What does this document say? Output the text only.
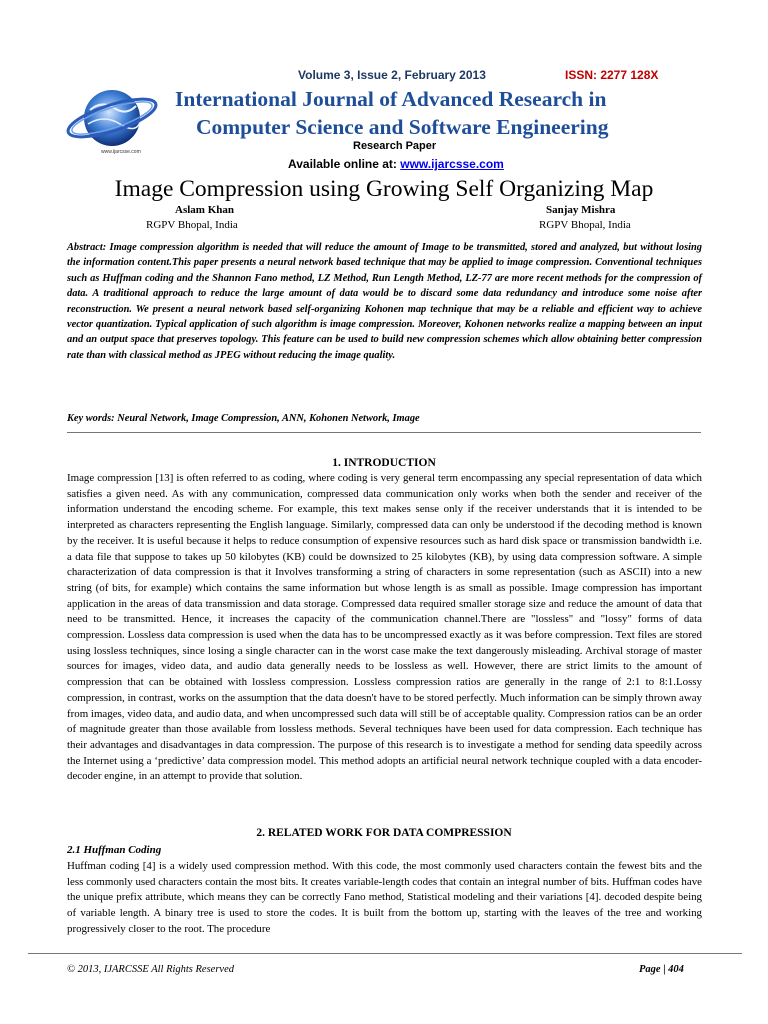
Volume 3, Issue 2, February 2013	ISSN: 2277 128X
www.ijarcsse.com
International Journal of Advanced Research in
Computer Science and Software Engineering
Research Paper
Available online at: www.ijarcsse.com
Image Compression using Growing Self Organizing Map
Aslam Khan
RGPV Bhopal, India
Sanjay Mishra
RGPV Bhopal, India
Abstract: Image compression algorithm is needed that will reduce the amount of Image to be transmitted, stored and analyzed, but without losing the information content.This paper presents a neural network based technique that may be applied to image compression. Conventional techniques such as Huffman coding and the Shannon Fano method, LZ Method, Run Length Method, LZ-77 are more recent methods for the compression of data. A traditional approach to reduce the large amount of data would be to discard some data redundancy and introduce some noise after reconstruction. We present a neural network based self-organizing Kohonen map technique that may be a reliable and efficient way to achieve vector quantization. Typical application of such algorithm is image compression. Moreover, Kohonen networks realize a mapping between an input and an output space that preserves topology. This feature can be used to build new compression schemes which allow obtaining better compression rate than with classical method as JPEG without reducing the image quality.
Key words: Neural Network, Image Compression, ANN, Kohonen Network, Image
1. INTRODUCTION
Image compression [13] is often referred to as coding, where coding is very general term encompassing any special representation of data which satisfies a given need. As with any communication, compressed data communication only works when both the sender and receiver of the information understand the encoding scheme. For example, this text makes sense only if the receiver understands that it is intended to be interpreted as characters representing the English language. Similarly, compressed data can only be understood if the decoding method is known by the receiver. It is useful because it helps to reduce consumption of expensive resources such as hard disk space or transmission bandwidth i.e. a data file that suppose to takes up 50 kilobytes (KB) could be downsized to 25 kilobytes (KB), by using data compression software. A simple characterization of data compression is that it Involves transforming a string of characters in some representation (such as ASCII) into a new string (of bits, for example) which contains the same information but whose length is as small as possible. Image compression has important application in the areas of data transmission and data storage. Compressed data required smaller storage size and reduce the amount of data that need to be transmitted. Hence, it increases the capacity of the communication channel.There are "lossless" and "lossy" forms of data compression. Lossless data compression is used when the data has to be uncompressed exactly as it was before compression. Text files are stored using lossless techniques, since losing a single character can in the worst case make the text dangerously misleading. Archival storage of master sources for images, video data, and audio data generally needs to be lossless as well. However, there are strict limits to the amount of compression that can be obtained with lossless compression. Lossless compression ratios are generally in the range of 2:1 to 8:1.Lossy compression, in contrast, works on the assumption that the data doesn't have to be stored perfectly. Much information can be simply thrown away from images, video data, and audio data, and when uncompressed such data will still be of acceptable quality. Compression ratios can be an order of magnitude greater than those available from lossless methods. Several techniques have been used for data compression. Each technique has their advantages and disadvantages in data compression. The purpose of this research is to investigate a method for sending data speedily across the Internet using a ‘predictive’ data compression model. This method adopts an artificial neural network technique coupled with a data encoder-decoder engine, in an attempt to provide that solution.
2. RELATED WORK FOR DATA COMPRESSION
2.1 Huffman Coding
Huffman coding [4] is a widely used compression method. With this code, the most commonly used characters contain the fewest bits and the less commonly used characters contain the most bits. It creates variable-length codes that contain an integral number of bits. Huffman codes have the unique prefix attribute, which means they can be correctly Fano method, Statistical modeling and their variations [4]. decoded despite being of variable length. A binary tree is used to store the codes. It is built from the bottom up, starting with the leaves of the tree and working progressively closer to the root. The procedure
© 2013, IJARCSSE All Rights Reserved	Page | 404
